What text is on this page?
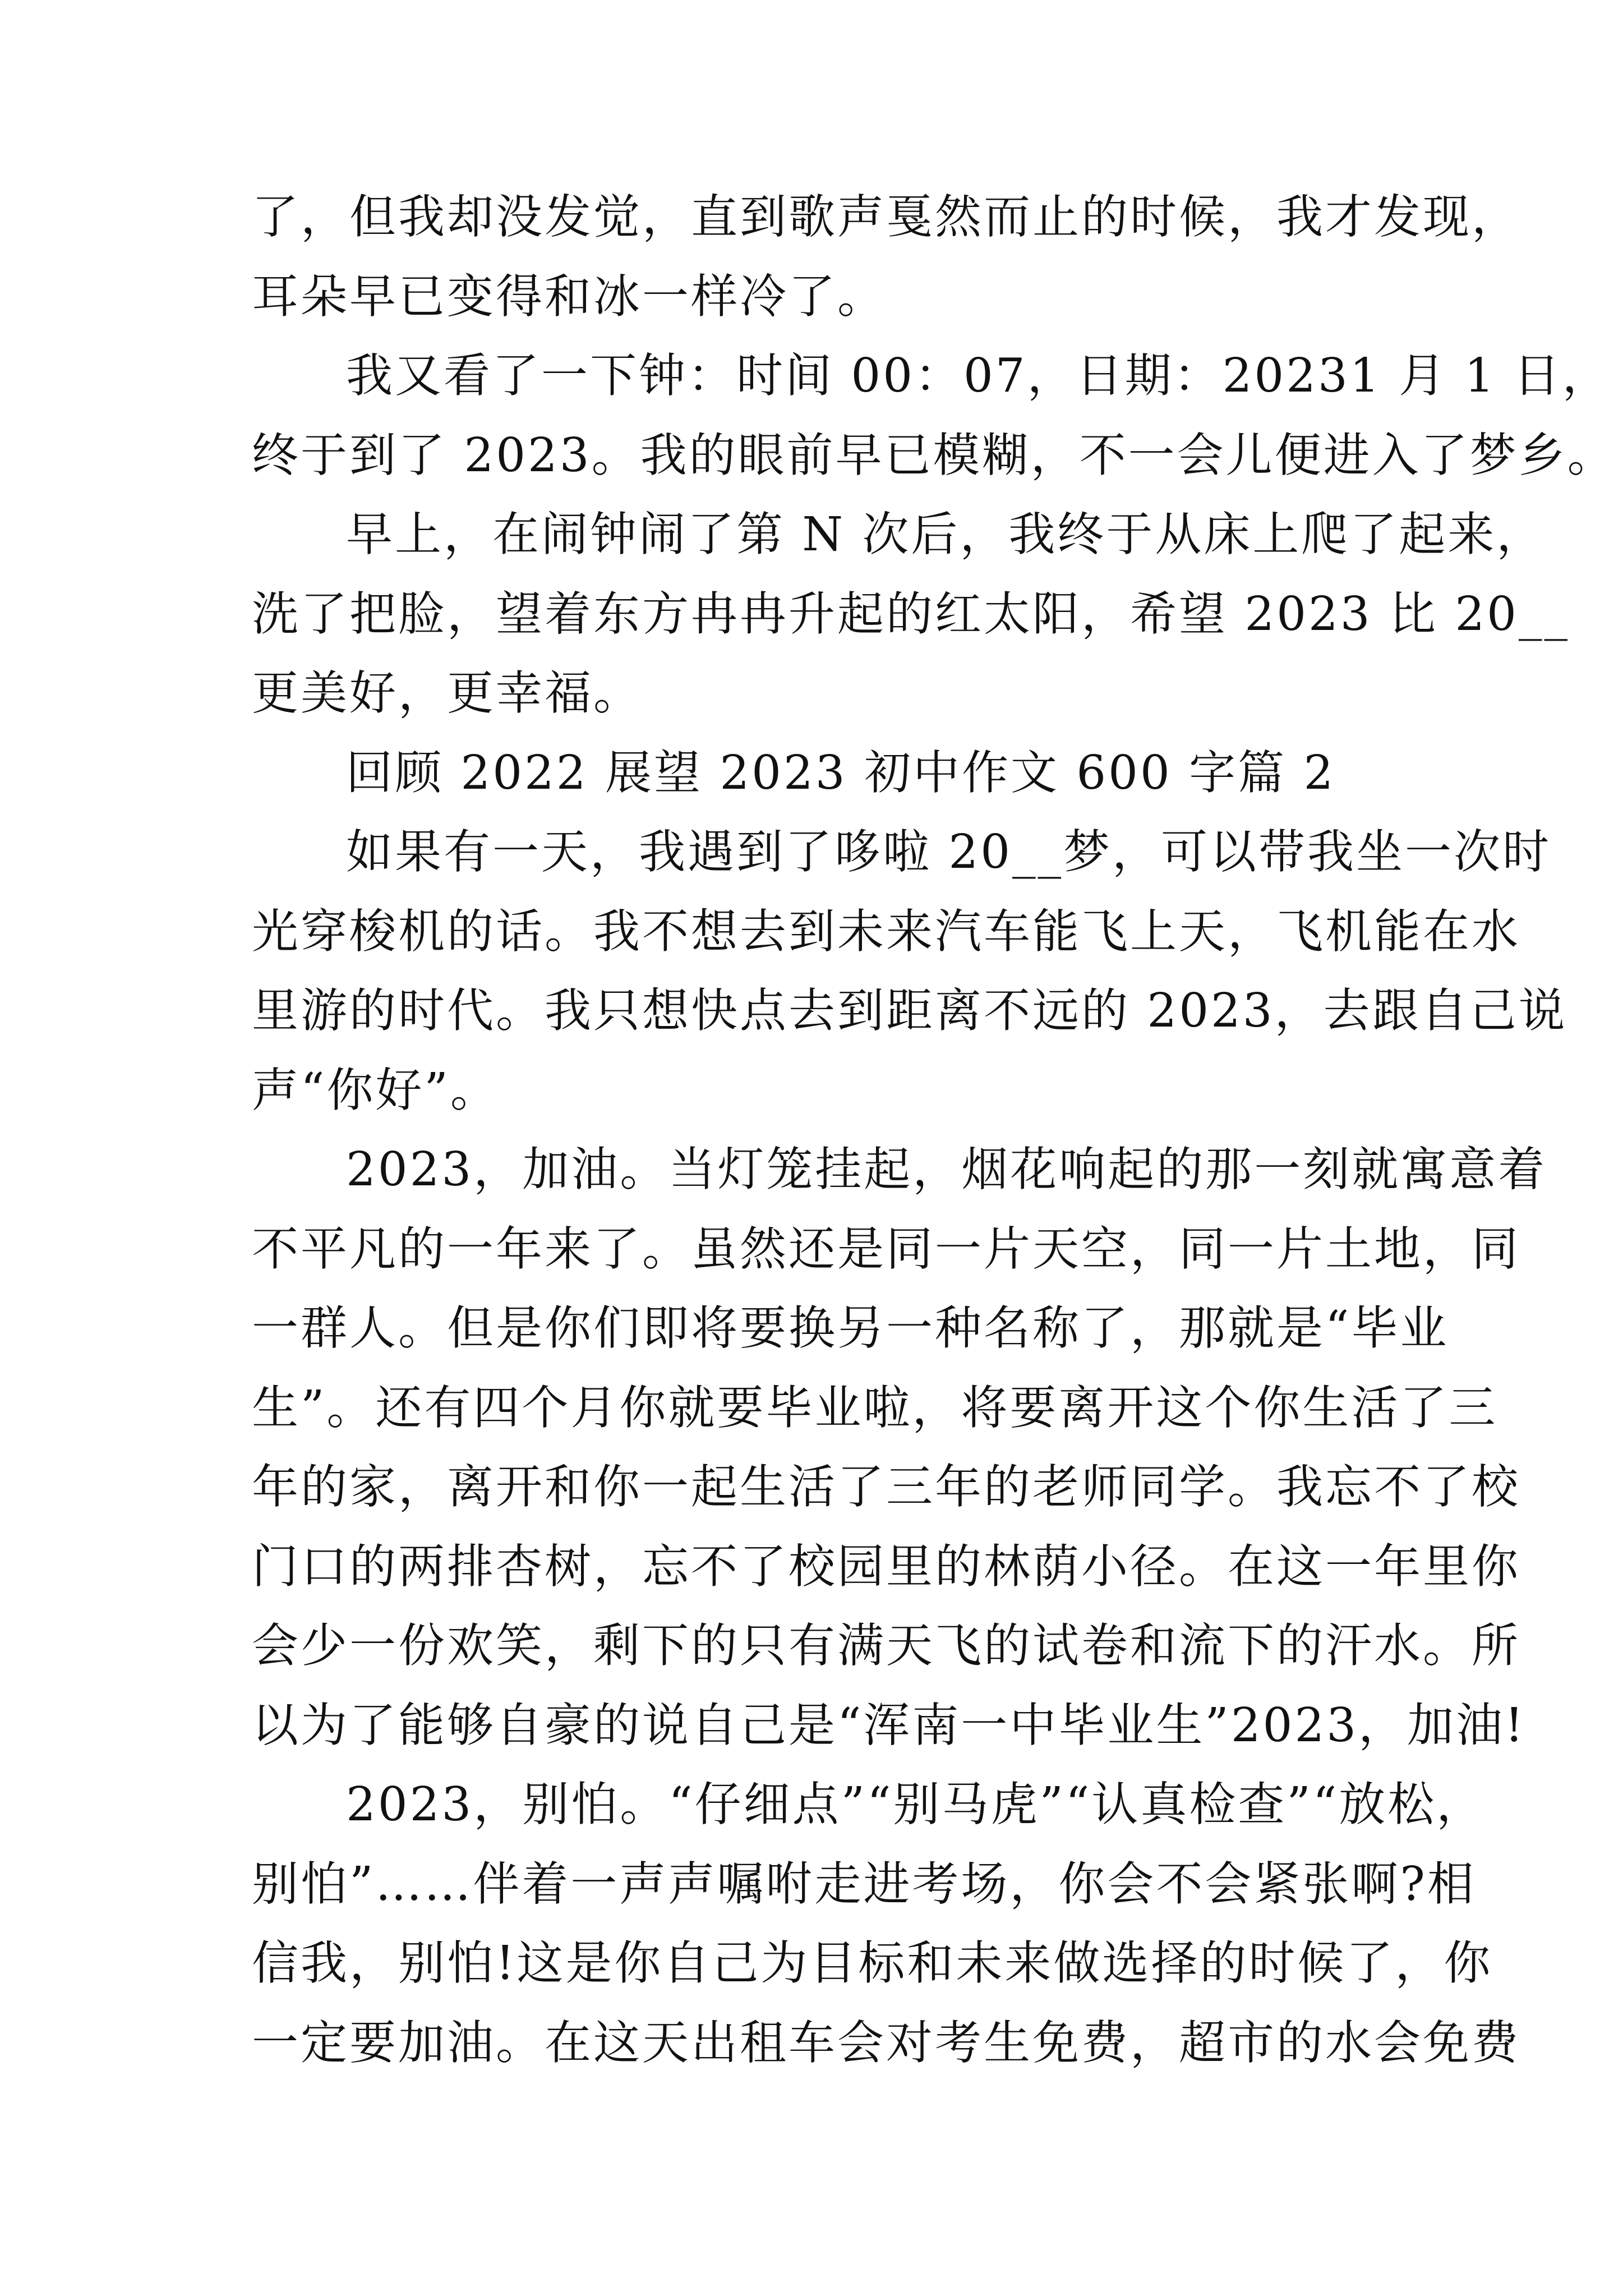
了，但我却没发觉，直到歌声戛然而止的时候，我才发现，
耳朵早已变得和冰一样冷了。
我又看了一下钟：时间 00：07，日期：20231 月 1 日，
终于到了 2023。我的眼前早已模糊，不一会儿便进入了梦乡。
早上，在闹钟闹了第 N 次后，我终于从床上爬了起来，
洗了把脸，望着东方冉冉升起的红太阳，希望 2023 比 20__
更美好，更幸福。
回顾 2022 展望 2023 初中作文 600 字篇 2
如果有一天，我遇到了哆啦 20__梦，可以带我坐一次时
光穿梭机的话。我不想去到未来汽车能飞上天，飞机能在水
里游的时代。我只想快点去到距离不远的 2023，去跟自己说
声“你好”。
2023，加油。当灯笼挂起，烟花响起的那一刻就寓意着
不平凡的一年来了。虽然还是同一片天空，同一片土地，同
一群人。但是你们即将要换另一种名称了，那就是“毕业
生”。还有四个月你就要毕业啦，将要离开这个你生活了三
年的家，离开和你一起生活了三年的老师同学。我忘不了校
门口的两排杏树，忘不了校园里的林荫小径。在这一年里你
会少一份欢笑，剩下的只有满天飞的试卷和流下的汗水。所
以为了能够自豪的说自己是“浑南一中毕业生”2023，加油!
2023，别怕。“仔细点”“别马虎”“认真检查”“放松，
别怕”……伴着一声声嘱咐走进考场，你会不会紧张啊?相
信我，别怕!这是你自己为目标和未来做选择的时候了，你
一定要加油。在这天出租车会对考生免费，超市的水会免费
